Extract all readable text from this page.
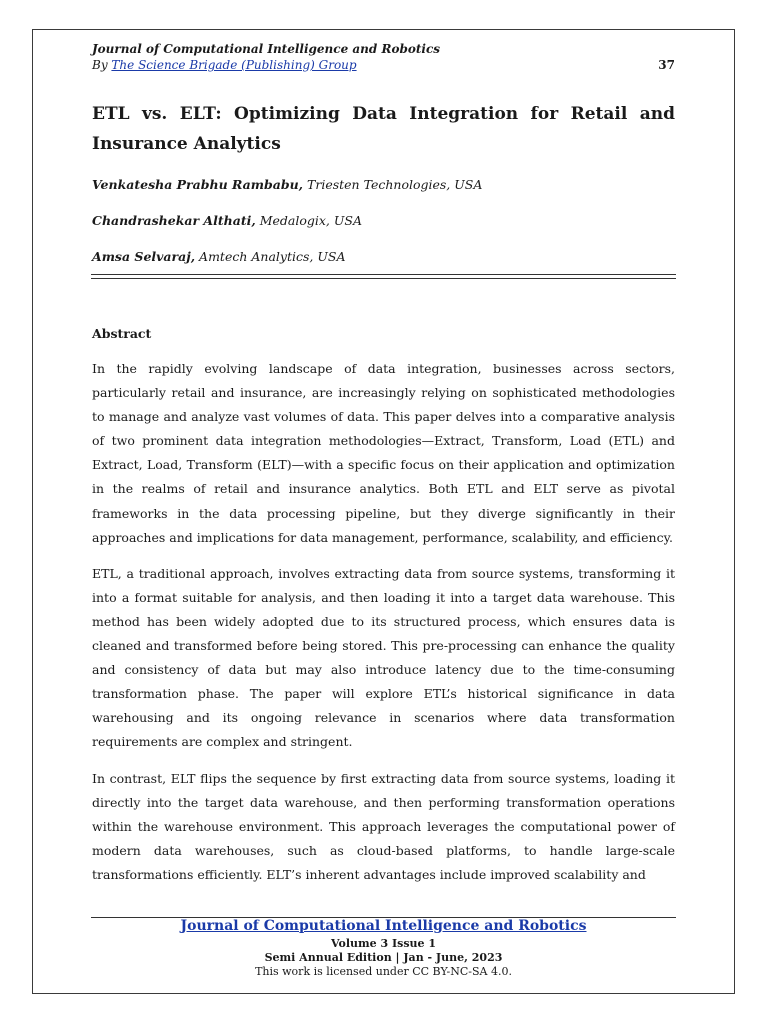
Journal of Computational Intelligence and Robotics
By The Science Brigade (Publishing) Group	37
ETL vs. ELT: Optimizing Data Integration for Retail and Insurance Analytics
Venkatesha Prabhu Rambabu, Triesten Technologies, USA
Chandrashekar Althati, Medalogix, USA
Amsa Selvaraj, Amtech Analytics, USA
Abstract

In the rapidly evolving landscape of data integration, businesses across sectors, particularly retail and insurance, are increasingly relying on sophisticated methodologies to manage and analyze vast volumes of data. This paper delves into a comparative analysis of two prominent data integration methodologies—Extract, Transform, Load (ETL) and Extract, Load, Transform (ELT)—with a specific focus on their application and optimization in the realms of retail and insurance analytics. Both ETL and ELT serve as pivotal frameworks in the data processing pipeline, but they diverge significantly in their approaches and implications for data management, performance, scalability, and efficiency.

ETL, a traditional approach, involves extracting data from source systems, transforming it into a format suitable for analysis, and then loading it into a target data warehouse. This method has been widely adopted due to its structured process, which ensures data is cleaned and transformed before being stored. This pre-processing can enhance the quality and consistency of data but may also introduce latency due to the time-consuming transformation phase. The paper will explore ETL’s historical significance in data warehousing and its ongoing relevance in scenarios where data transformation requirements are complex and stringent.

In contrast, ELT flips the sequence by first extracting data from source systems, loading it directly into the target data warehouse, and then performing transformation operations within the warehouse environment. This approach leverages the computational power of modern data warehouses, such as cloud-based platforms, to handle large-scale transformations efficiently. ELT’s inherent advantages include improved scalability and

Journal of Computational Intelligence and Robotics
Volume 3 Issue 1
Semi Annual Edition | Jan - June, 2023
This work is licensed under CC BY-NC-SA 4.0.
